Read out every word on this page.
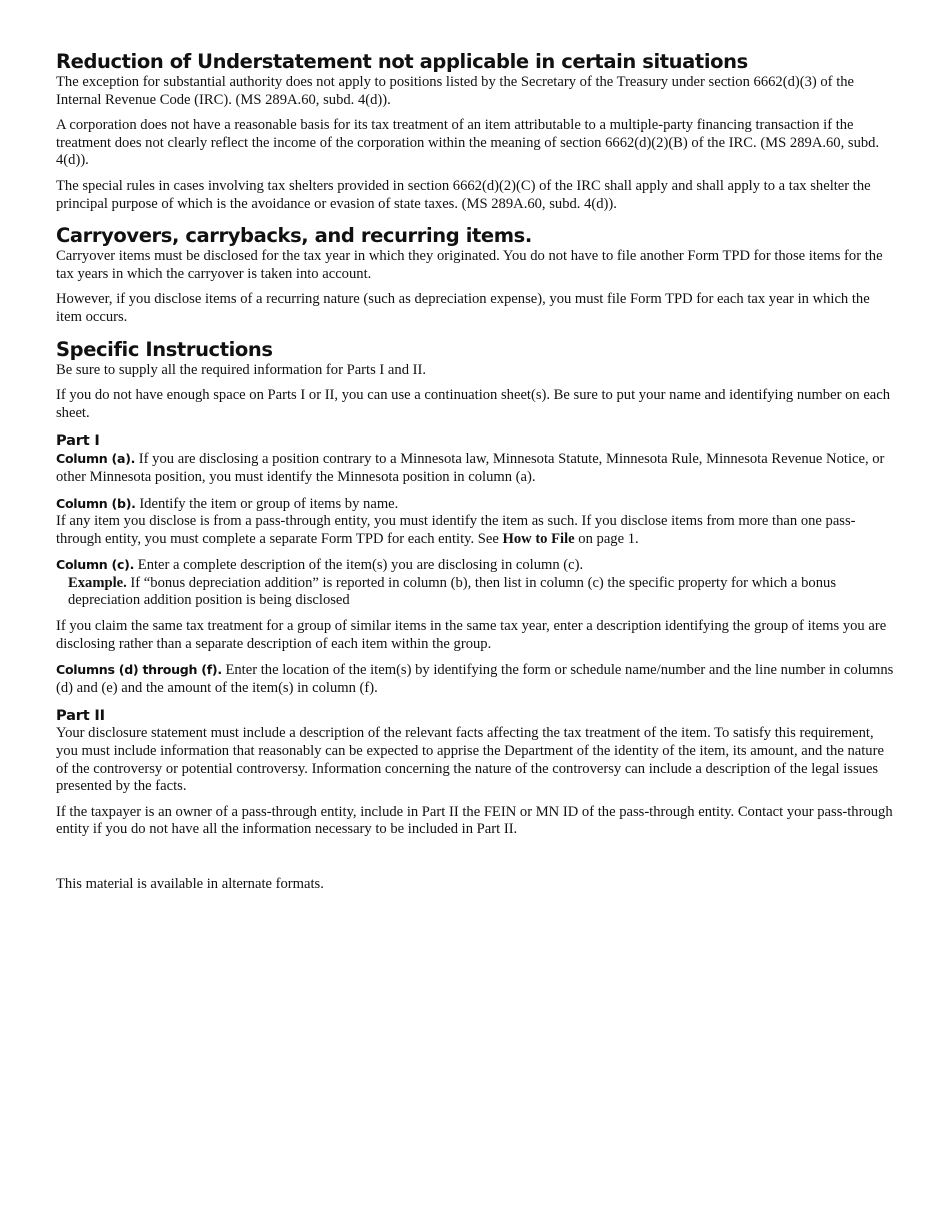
Reduction of Understatement not applicable in certain situations

The exception for substantial authority does not apply to positions listed by the Secretary of the Treasury under section 6662(d)(3) of the Internal Revenue Code (IRC). (MS 289A.60, subd. 4(d)).

A corporation does not have a reasonable basis for its tax treatment of an item attributable to a multiple-party financing transaction if the treatment does not clearly reflect the income of the corporation within the meaning of section 6662(d)(2)(B) of the IRC. (MS 289A.60, subd. 4(d)).

The special rules in cases involving tax shelters provided in section 6662(d)(2)(C) of the IRC shall apply and shall apply to a tax shelter the principal purpose of which is the avoidance or evasion of state taxes. (MS 289A.60, subd. 4(d)).

Carryovers, carrybacks, and recurring items.

Carryover items must be disclosed for the tax year in which they originated. You do not have to file another Form TPD for those items for the tax years in which the carryover is taken into account.

However, if you disclose items of a recurring nature (such as depreciation expense), you must file Form TPD for each tax year in which the item occurs.

Specific Instructions

Be sure to supply all the required information for Parts I and II.

If you do not have enough space on Parts I or II, you can use a continuation sheet(s). Be sure to put your name and identifying number on each sheet.

Part I

Column (a). If you are disclosing a position contrary to a Minnesota law, Minnesota Statute, Minnesota Rule, Minnesota Revenue Notice, or other Minnesota position, you must identify the Minnesota position in column (a).

Column (b). Identify the item or group of items by name.

If any item you disclose is from a pass-through entity, you must identify the item as such. If you disclose items from more than one pass-through entity, you must complete a separate Form TPD for each entity. See How to File on page 1.

Column (c). Enter a complete description of the item(s) you are disclosing in column (c).

Example. If “bonus depreciation addition” is reported in column (b), then list in column (c) the specific property for which a bonus depreciation addition position is being disclosed

If you claim the same tax treatment for a group of similar items in the same tax year, enter a description identifying the group of items you are disclosing rather than a separate description of each item within the group.

Columns (d) through (f). Enter the location of the item(s) by identifying the form or schedule name/number and the line number in columns (d) and (e) and the amount of the item(s) in column (f).

Part II

Your disclosure statement must include a description of the relevant facts affecting the tax treatment of the item. To satisfy this requirement, you must include information that reasonably can be expected to apprise the Department of the identity of the item, its amount, and the nature of the controversy or potential controversy. Information concerning the nature of the controversy can include a description of the legal issues presented by the facts.

If the taxpayer is an owner of a pass-through entity, include in Part II the FEIN or MN ID of the pass-through entity. Contact your pass-through entity if you do not have all the information necessary to be included in Part II.

This material is available in alternate formats.
